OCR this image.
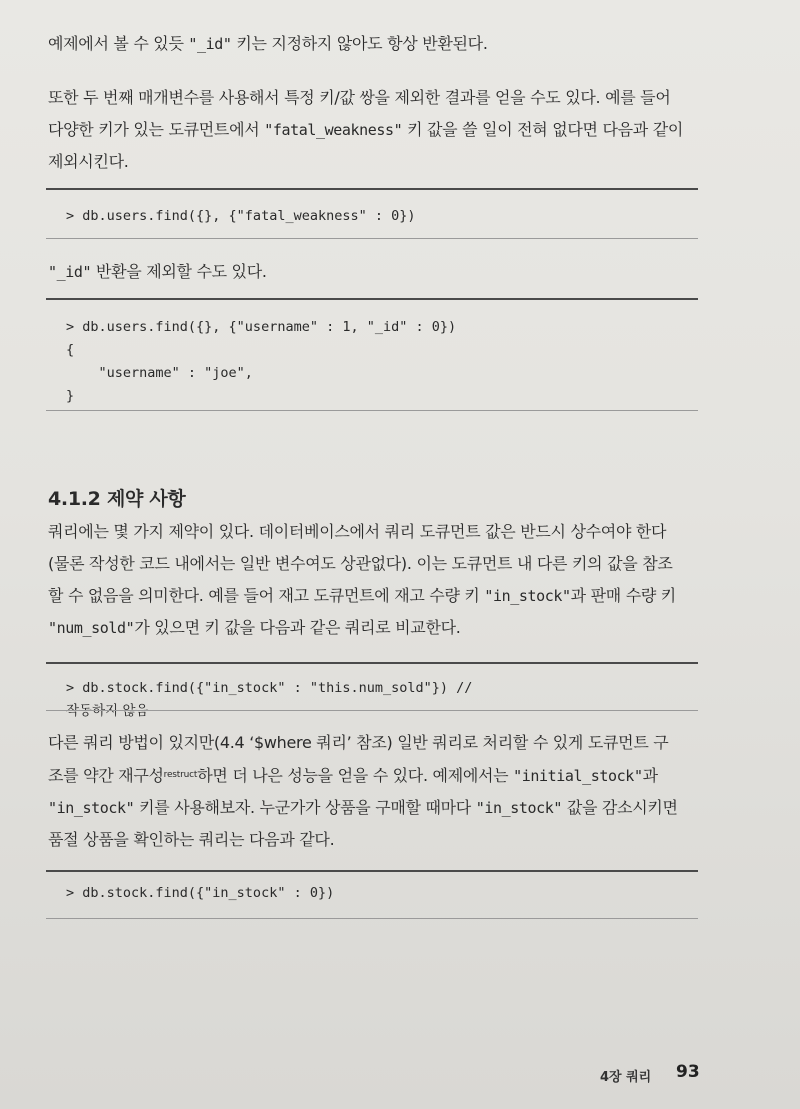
예제에서 볼 수 있듯 "_id" 키는 지정하지 않아도 항상 반환된다.

또한 두 번째 매개변수를 사용해서 특정 키/값 쌍을 제외한 결과를 얻을 수도 있다. 예를 들어
다양한 키가 있는 도큐먼트에서 "fatal_weakness" 키 값을 쓸 일이 전혀 없다면 다음과 같이
제외시킨다.

> db.users.find({}, {"fatal_weakness" : 0})

"_id" 반환을 제외할 수도 있다.

> db.users.find({}, {"username" : 1, "_id" : 0})
{
"username" : "joe",
}
4.1.2 제약 사항

쿼리에는 몇 가지 제약이 있다. 데이터베이스에서 쿼리 도큐먼트 값은 반드시 상수여야 한다
(물론 작성한 코드 내에서는 일반 변수여도 상관없다). 이는 도큐먼트 내 다른 키의 값을 참조
할 수 없음을 의미한다. 예를 들어 재고 도큐먼트에 재고 수량 키 "in_stock"과 판매 수량 키
"num_sold"가 있으면 키 값을 다음과 같은 쿼리로 비교한다.

> db.stock.find({"in_stock" : "this.num_sold"}) //
작동하지 않음

다른 쿼리 방법이 있지만(4.4 ‘$where 쿼리’ 참조) 일반 쿼리로 처리할 수 있게 도큐먼트 구
조를 약간 재구성$^{restruct}$하면 더 나은 성능을 얻을 수 있다. 예제에서는 "initial_stock"과
"in_stock" 키를 사용해보자. 누군가가 상품을 구매할 때마다 "in_stock" 값을 감소시키면
품절 상품을 확인하는 쿼리는 다음과 같다.

> db.stock.find({"in_stock" : 0})
4장 쿼리 93
